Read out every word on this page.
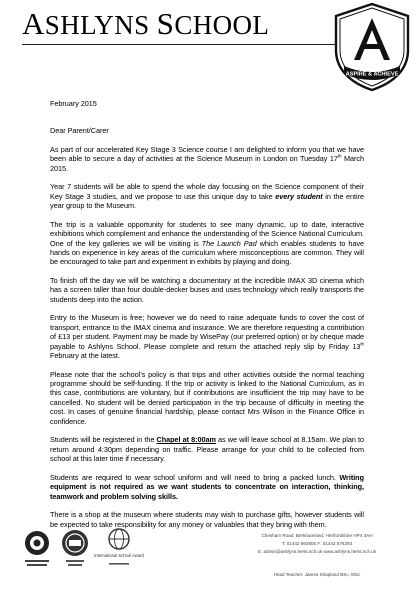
ASHLYNS SCHOOL
ASPIRE & ACHIEVE

February 2015

Dear Parent/Carer

As part of our accelerated Key Stage 3 Science course I am delighted to inform you that we have been able to secure a day of activities at the Science Museum in London on Tuesday 17th March 2015.

Year 7 students will be able to spend the whole day focusing on the Science component of their Key Stage 3 studies, and we propose to use this unique day to take every student in the entire year group to the Museum.

The trip is a valuable opportunity for students to see many dynamic, up to date, interactive exhibitions which complement and enhance the understanding of the Science National Curriculum. One of the key galleries we will be visiting is The Launch Pad which enables students to have hands on experience in key areas of the curriculum where misconceptions are common. They will be encouraged to take part and experiment in exhibits by playing and doing.

To finish off the day we will be watching a documentary at the incredible IMAX 3D cinema which has a screen taller than four double-decker buses and uses technology which really transports the students deep into the action.

Entry to the Museum is free; however we do need to raise adequate funds to cover the cost of transport, entrance to the IMAX cinema and insurance. We are therefore requesting a contribution of £13 per student. Payment may be made by WisePay (our preferred option) or by cheque made payable to Ashlyns School. Please complete and return the attached reply slip by Friday 13th February at the latest.

Please note that the school’s policy is that trips and other activities outside the normal teaching programme should be self-funding. If the trip or activity is linked to the National Curriculum, as in this case, contributions are voluntary, but if contributions are insufficient the trip may have to be cancelled. No student will be denied participation in the trip because of difficulty in meeting the cost. In cases of genuine financial hardship, please contact Mrs Wilson in the Finance Office in confidence.

Students will be registered in the Chapel at 8:00am as we will leave school at 8.15am. We plan to return around 4:30pm depending on traffic. Please arrange for your child to be collected from school at this later time if necessary.

Students are required to wear school uniform and will need to bring a packed lunch. Writing equipment is not required as we want students to concentrate on interaction, thinking, teamwork and problem solving skills.

There is a shop at the museum where students may wish to purchase gifts, however students will be expected to take responsibility for any money or valuables that they bring with them.

International School Award
Chesham Road, Berkhamsted, Hertfordshire HP4 3AH
T: 01442 863605 F: 01442 876292
E: admin@ashlyns.herts.sch.uk www.ashlyns.herts.sch.uk
Head Teacher: James Shapland BSc, MSc
